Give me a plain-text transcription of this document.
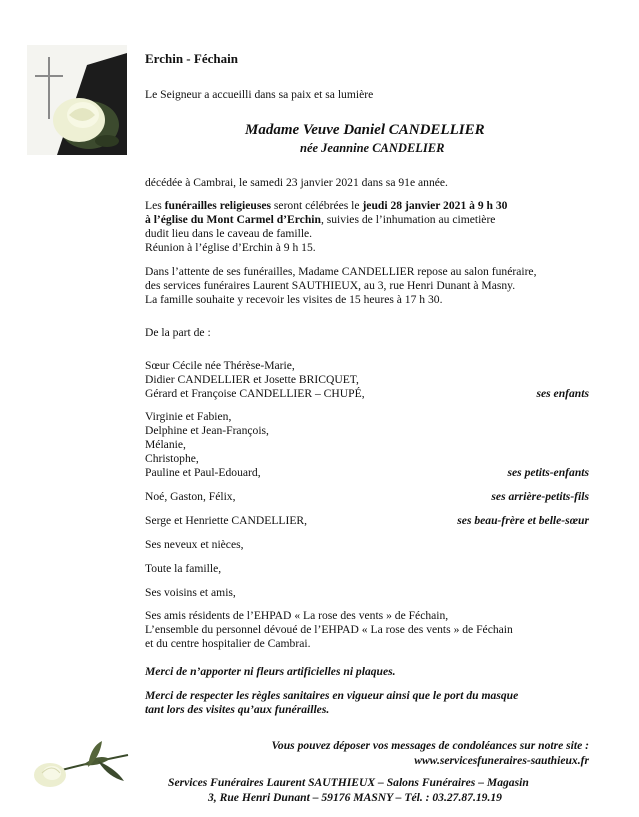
Erchin - Féchain
Le Seigneur a accueilli dans sa paix et sa lumière
Madame Veuve Daniel CANDELLIER
née Jeannine CANDELIER
décédée à Cambrai, le samedi 23 janvier 2021 dans sa 91e année.
Les funérailles religieuses seront célébrées le jeudi 28 janvier 2021 à 9 h 30
à l’église du Mont Carmel d’Erchin, suivies de l’inhumation au cimetière
dudit lieu dans le caveau de famille.
Réunion à l’église d’Erchin à 9 h 15.
Dans l’attente de ses funérailles, Madame CANDELLIER repose au salon funéraire,
des services funéraires Laurent SAUTHIEUX, au 3, rue Henri Dunant à Masny.
La famille souhaite y recevoir les visites de 15 heures à 17 h 30.
De la part de :
Sœur Cécile née Thérèse-Marie,
Didier CANDELLIER et Josette BRICQUET,
Gérard et Françoise CANDELLIER – CHUPÉ,	ses enfants
Virginie et Fabien,
Delphine et Jean-François,
Mélanie,
Christophe,
Pauline et Paul-Edouard,	ses petits-enfants
Noé, Gaston, Félix,	ses arrière-petits-fils
Serge et Henriette CANDELLIER,	ses beau-frère et belle-sœur
Ses neveux et nièces,
Toute la famille,
Ses voisins et amis,
Ses amis résidents de l’EHPAD « La rose des vents » de Féchain,
L’ensemble du personnel dévoué de l’EHPAD « La rose des vents » de Féchain
et du centre hospitalier de Cambrai.
Merci de n’apporter ni fleurs artificielles ni plaques.
Merci de respecter les règles sanitaires en vigueur ainsi que le port du masque
tant lors des visites qu’aux funérailles.
Vous pouvez déposer vos messages de condoléances sur notre site :
www.servicesfuneraires-sauthieux.fr
Services Funéraires Laurent SAUTHIEUX – Salons Funéraires – Magasin
3, Rue Henri Dunant – 59176 MASNY – Tél. : 03.27.87.19.19
